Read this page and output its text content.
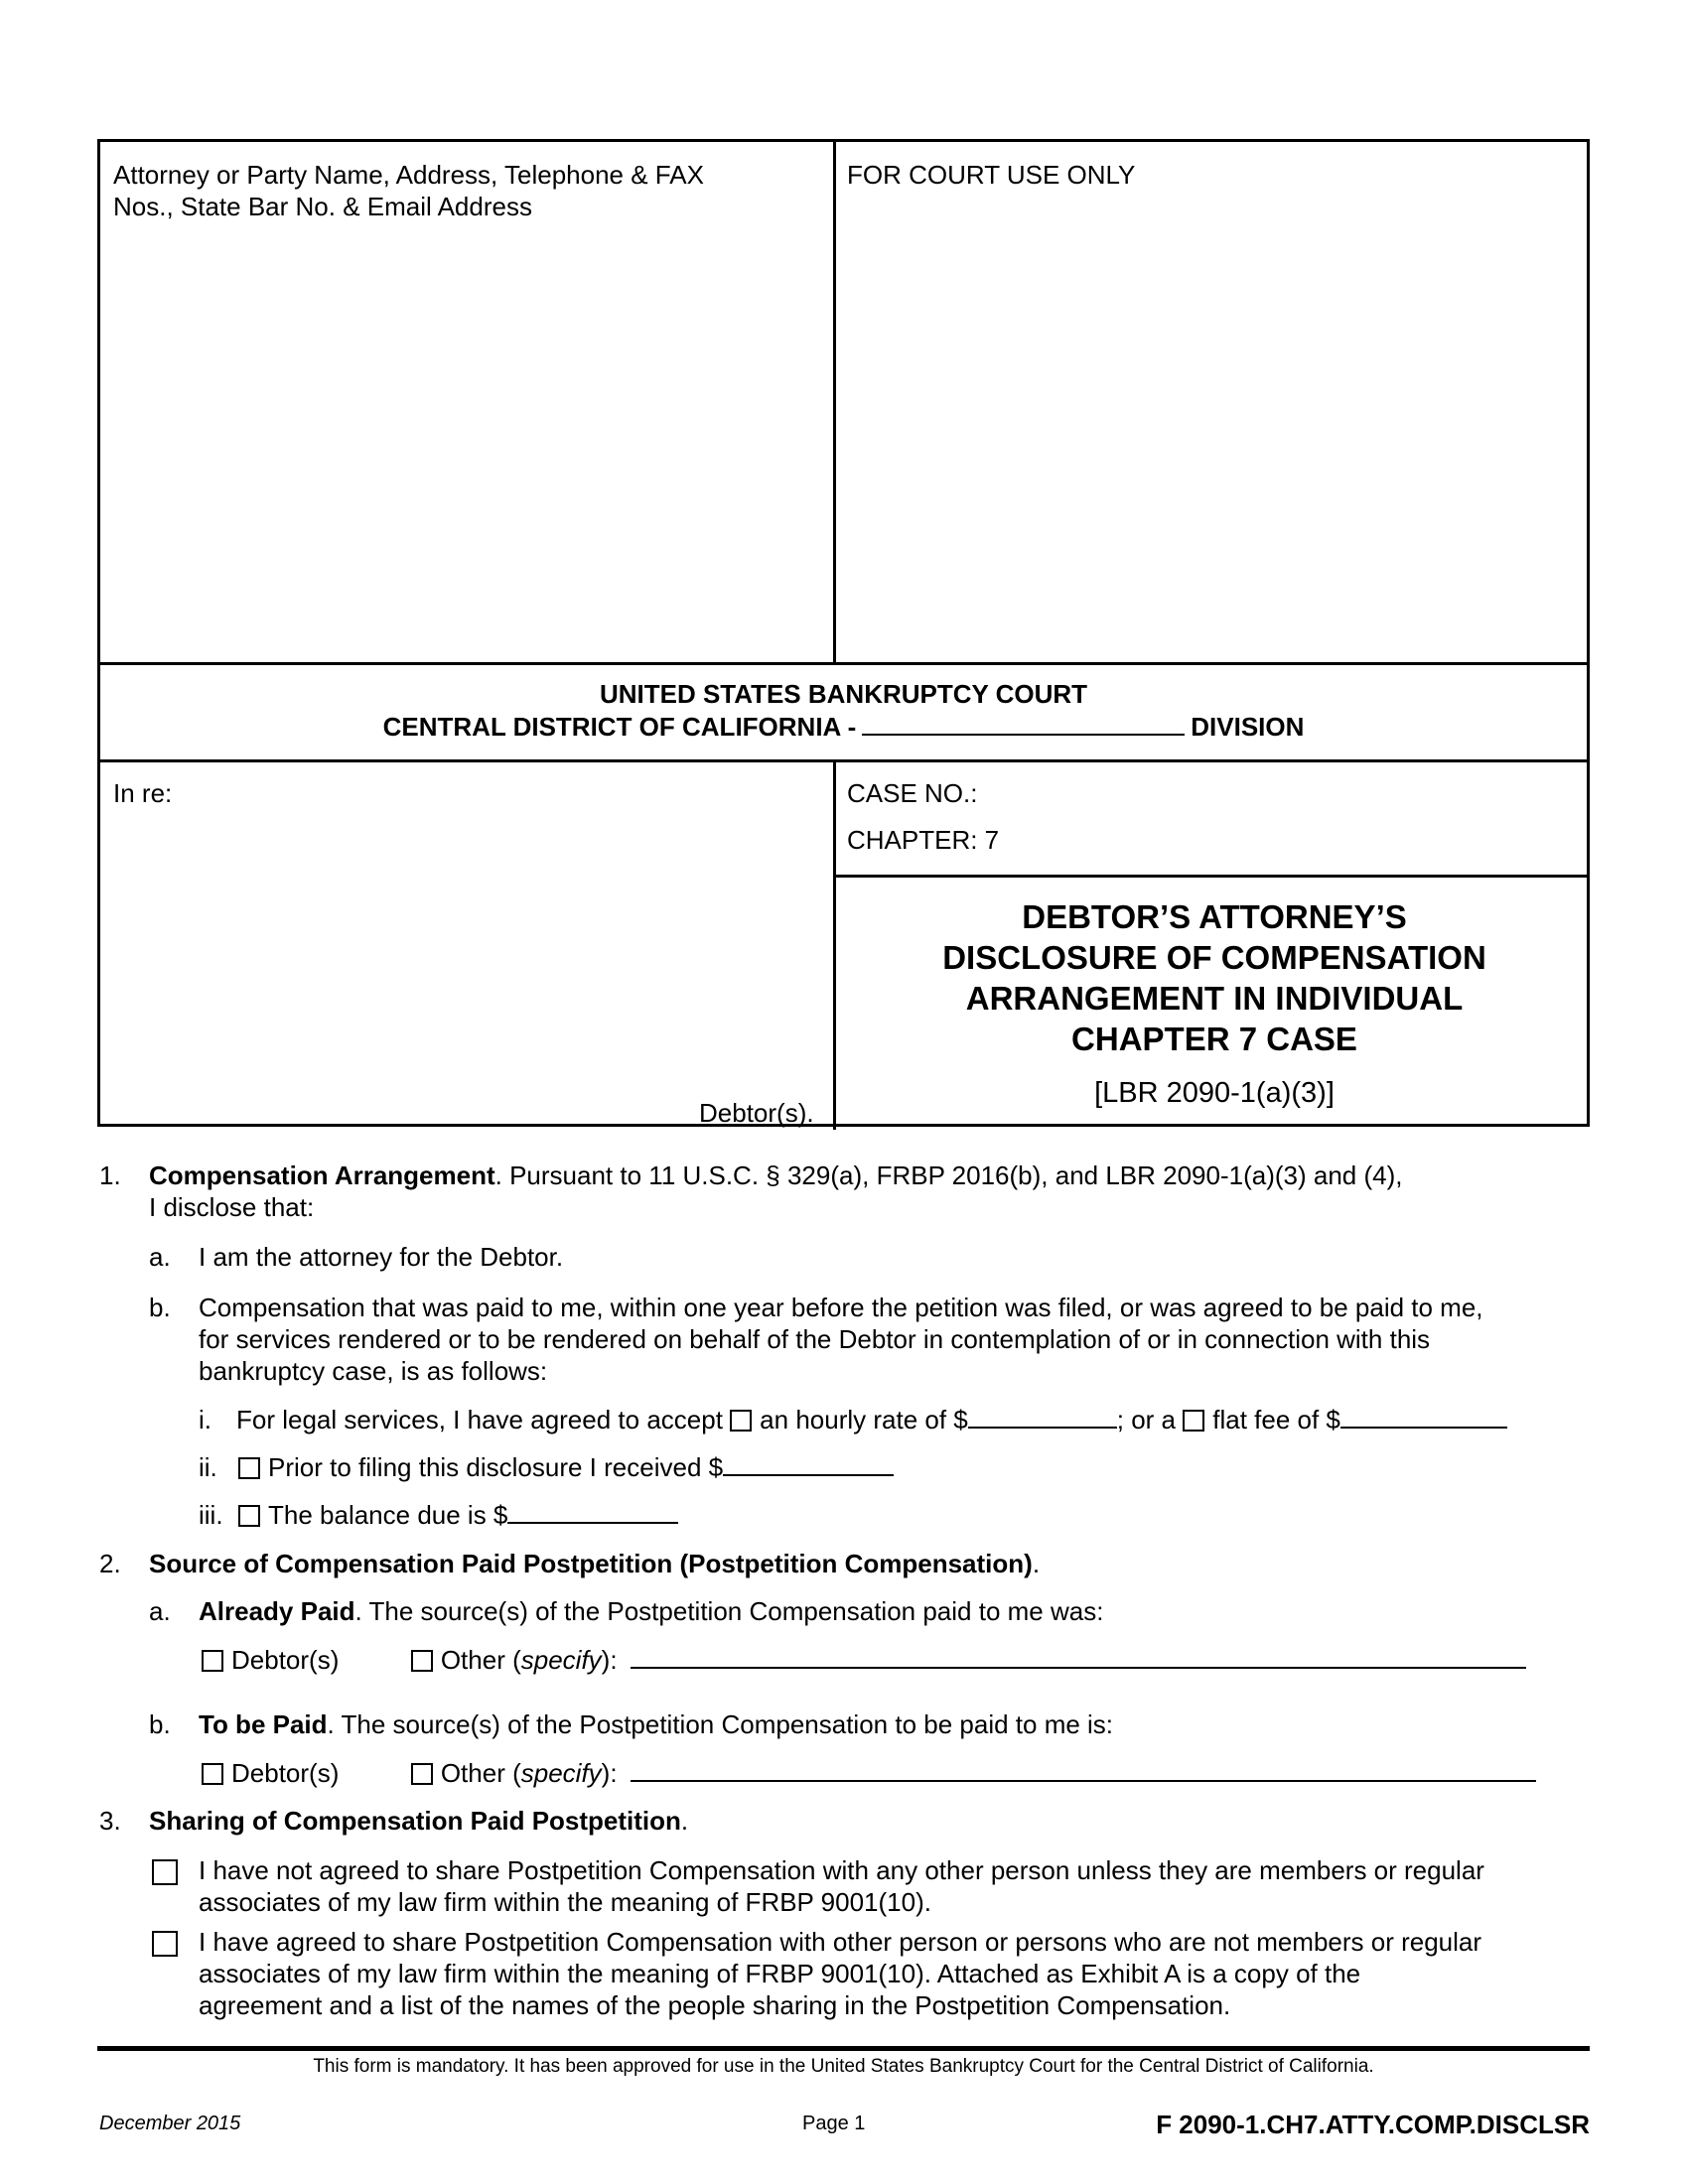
Attorney or Party Name, Address, Telephone & FAX
Nos., State Bar No. & Email Address
FOR COURT USE ONLY
UNITED STATES BANKRUPTCY COURT
CENTRAL DISTRICT OF CALIFORNIA -	DIVISION
In re:
Debtor(s).
CASE NO.:
CHAPTER: 7
DEBTOR’S ATTORNEY’S
DISCLOSURE OF COMPENSATION
ARRANGEMENT IN INDIVIDUAL
CHAPTER 7 CASE
[LBR 2090-1(a)(3)]
1. Compensation Arrangement. Pursuant to 11 U.S.C. § 329(a), FRBP 2016(b), and LBR 2090-1(a)(3) and (4),
I disclose that:
a. I am the attorney for the Debtor.
b. Compensation that was paid to me, within one year before the petition was filed, or was agreed to be paid to me,
for services rendered or to be rendered on behalf of the Debtor in contemplation of or in connection with this
bankruptcy case, is as follows:
i. For legal services, I have agreed to accept an hourly rate of $	; or a flat fee of $
ii.	Prior to filing this disclosure I received $
iii.	The balance due is $
2. Source of Compensation Paid Postpetition (Postpetition Compensation).
a. Already Paid. The source(s) of the Postpetition Compensation paid to me was:
Debtor(s)	Other (specify):
b. To be Paid. The source(s) of the Postpetition Compensation to be paid to me is:
Debtor(s)	Other (specify):
3. Sharing of Compensation Paid Postpetition.
I have not agreed to share Postpetition Compensation with any other person unless they are members or regular
associates of my law firm within the meaning of FRBP 9001(10).
I have agreed to share Postpetition Compensation with other person or persons who are not members or regular
associates of my law firm within the meaning of FRBP 9001(10). Attached as Exhibit A is a copy of the
agreement and a list of the names of the people sharing in the Postpetition Compensation.
This form is mandatory. It has been approved for use in the United States Bankruptcy Court for the Central District of California.
December 2015	Page 1	F 2090-1.CH7.ATTY.COMP.DISCLSR
